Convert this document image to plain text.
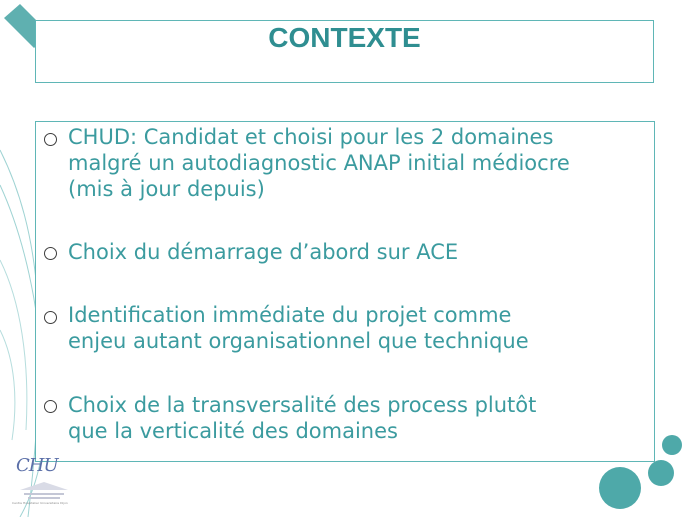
CONTEXTE
CHUD: Candidat et choisi pour les 2 domaines
malgré un autodiagnostic ANAP initial médiocre
(mis à jour depuis)
Choix du démarrage d’abord sur ACE
Identification immédiate du projet comme
enjeu autant organisationnel que technique
Choix de la transversalité des process plutôt
que la verticalité des domaines
CHU
Centre Hospitalier Universitaire Dijon
